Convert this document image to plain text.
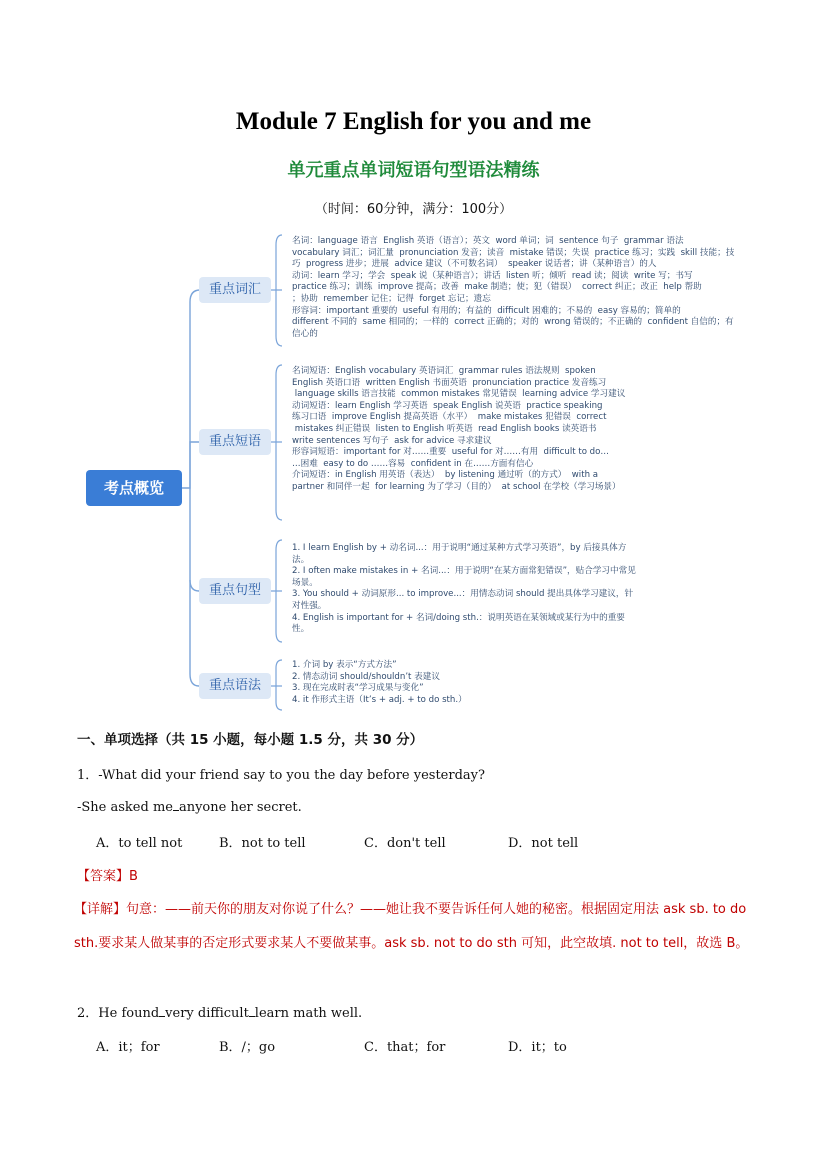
Module 7 English for you and me
单元重点单词短语句型语法精练
（时间：60分钟，满分：100分）
考点概览
重点词汇
名词：language 语言  English 英语（语言）；英文  word 单词；词  sentence 句子  grammar 语法
vocabulary 词汇；词汇量  pronunciation 发音；读音  mistake 错误；失误  practice 练习；实践  skill 技能；技巧  progress 进步；进展  advice 建议（不可数名词）  speaker 说话者；讲（某种语言）的人
动词：learn 学习；学会  speak 说（某种语言）；讲话  listen 听；倾听  read 读；阅读  write 写；书写
practice 练习；训练  improve 提高；改善  make 制造；使；犯（错误）  correct 纠正；改正  help 帮助
；协助  remember 记住；记得  forget 忘记；遗忘
形容词：important 重要的  useful 有用的；有益的  difficult 困难的；不易的  easy 容易的；简单的
different 不同的  same 相同的；一样的  correct 正确的；对的  wrong 错误的；不正确的  confident 自信的；有信心的
重点短语
名词短语：English vocabulary 英语词汇  grammar rules 语法规则  spoken
English 英语口语  written English 书面英语  pronunciation practice 发音练习
language skills 语言技能  common mistakes 常见错误  learning advice 学习建议
动词短语：learn English 学习英语  speak English 说英语  practice speaking
练习口语  improve English 提高英语（水平）  make mistakes 犯错误  correct
mistakes 纠正错误  listen to English 听英语  read English books 读英语书
write sentences 写句子  ask for advice 寻求建议
形容词短语：important for 对……重要  useful for 对……有用  difficult to do…
…困难  easy to do ……容易  confident in 在……方面有信心
介词短语：in English 用英语（表达）  by listening 通过听（的方式）  with a
partner 和同伴一起  for learning 为了学习（目的）  at school 在学校（学习场景）
重点句型
1. I learn English by + 动名词...：用于说明“通过某种方式学习英语”，by 后接具体方法。
2. I often make mistakes in + 名词...：用于说明“在某方面常犯错误”，贴合学习中常见场景。
3. You should + 动词原形... to improve...：用情态动词 should 提出具体学习建议，针对性强。
4. English is important for + 名词/doing sth.：说明英语在某领域或某行为中的重要性。
重点语法
1. 介词 by 表示“方式方法”
2. 情态动词 should/shouldn’t 表建议
3. 现在完成时表“学习成果与变化”
4. it 作形式主语（It’s + adj. + to do sth.）
一、单项选择（共 15 小题，每小题 1.5 分，共 30 分）
1．-What did your friend say to you the day before yesterday?
-She asked me anyone her secret.
A．to tell not	B．not to tell	C．don't tell	D．not tell
【答案】B
【详解】句意：——前天你的朋友对你说了什么？——她让我不要告诉任何人她的秘密。根据固定用法 ask sb. to do sth.要求某人做某事的否定形式要求某人不要做某事。ask sb. not to do sth 可知，此空故填. not to tell，故选 B。
2．He found very difficult learn math well.
A．it；for	B．/；go	C．that；for	D．it；to
